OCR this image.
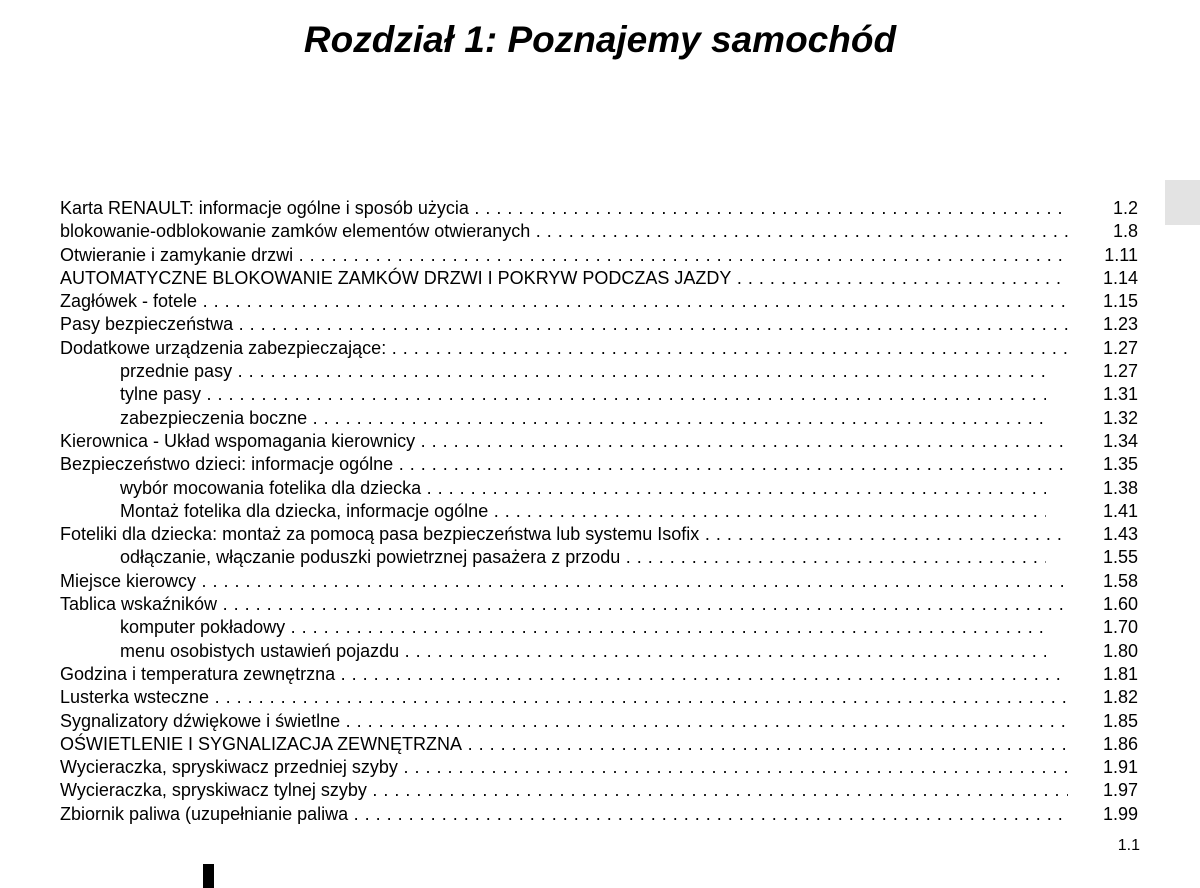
Rozdział 1: Poznajemy samochód
Karta RENAULT: informacje ogólne i sposób użycia . . .	1.2
blokowanie-odblokowanie zamków elementów otwieranych . . .	1.8
Otwieranie i zamykanie drzwi . . .	1.11
AUTOMATYCZNE BLOKOWANIE ZAMKÓW DRZWI I POKRYW PODCZAS JAZDY . . .	1.14
Zagłówek - fotele . . .	1.15
Pasy bezpieczeństwa . . .	1.23
Dodatkowe urządzenia zabezpieczające: . . .	1.27
przednie pasy . . .	1.27
tylne pasy . . .	1.31
zabezpieczenia boczne . . .	1.32
Kierownica - Układ wspomagania kierownicy . . .	1.34
Bezpieczeństwo dzieci: informacje ogólne . . .	1.35
wybór mocowania fotelika dla dziecka . . .	1.38
Montaż fotelika dla dziecka, informacje ogólne . . .	1.41
Foteliki dla dziecka: montaż za pomocą pasa bezpieczeństwa lub systemu Isofix . . .	1.43
odłączanie, włączanie poduszki powietrznej pasażera z przodu . . .	1.55
Miejsce kierowcy . . .	1.58
Tablica wskaźników . . .	1.60
komputer pokładowy . . .	1.70
menu osobistych ustawień pojazdu . . .	1.80
Godzina i temperatura zewnętrzna . . .	1.81
Lusterka wsteczne . . .	1.82
Sygnalizatory dźwiękowe i świetlne . . .	1.85
OŚWIETLENIE I SYGNALIZACJA ZEWNĘTRZNA . . .	1.86
Wycieraczka, spryskiwacz przedniej szyby . . .	1.91
Wycieraczka, spryskiwacz tylnej szyby . . .	1.97
Zbiornik paliwa (uzupełnianie paliwa . . .	1.99
1.1
